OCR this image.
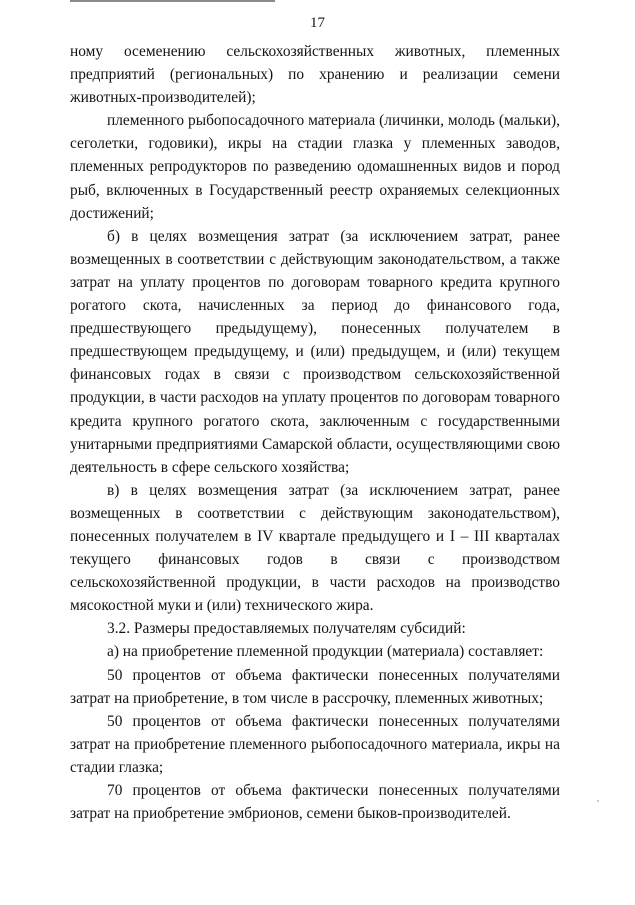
17

ному осеменению сельскохозяйственных животных, племенных предприятий (региональных) по хранению и реализации семени животных-производителей);

племенного рыбопосадочного материала (личинки, молодь (мальки), сеголетки, годовики), икры на стадии глазка у племенных заводов, племенных репродукторов по разведению одомашненных видов и пород рыб, включенных в Государственный реестр охраняемых селекционных достижений;

б) в целях возмещения затрат (за исключением затрат, ранее возмещенных в соответствии с действующим законодательством, а также затрат на уплату процентов по договорам товарного кредита крупного рогатого скота, начисленных за период до финансового года, предшествующего предыдущему), понесенных получателем в предшествующем предыдущему, и (или) предыдущем, и (или) текущем финансовых годах в связи с производством сельскохозяйственной продукции, в части расходов на уплату процентов по договорам товарного кредита крупного рогатого скота, заключенным с государственными унитарными предприятиями Самарской области, осуществляющими свою деятельность в сфере сельского хозяйства;

в) в целях возмещения затрат (за исключением затрат, ранее возмещенных в соответствии с действующим законодательством), понесенных получателем в IV квартале предыдущего и I – III кварталах текущего финансовых годов в связи с производством сельскохозяйственной продукции, в части расходов на производство мясокостной муки и (или) технического жира.

3.2. Размеры предоставляемых получателям субсидий:

а) на приобретение племенной продукции (материала) составляет:

50 процентов от объема фактически понесенных получателями затрат на приобретение, в том числе в рассрочку, племенных животных;

50 процентов от объема фактически понесенных получателями затрат на приобретение племенного рыбопосадочного материала, икры на стадии глазка;

70 процентов от объема фактически понесенных получателями затрат на приобретение эмбрионов, семени быков-производителей.
